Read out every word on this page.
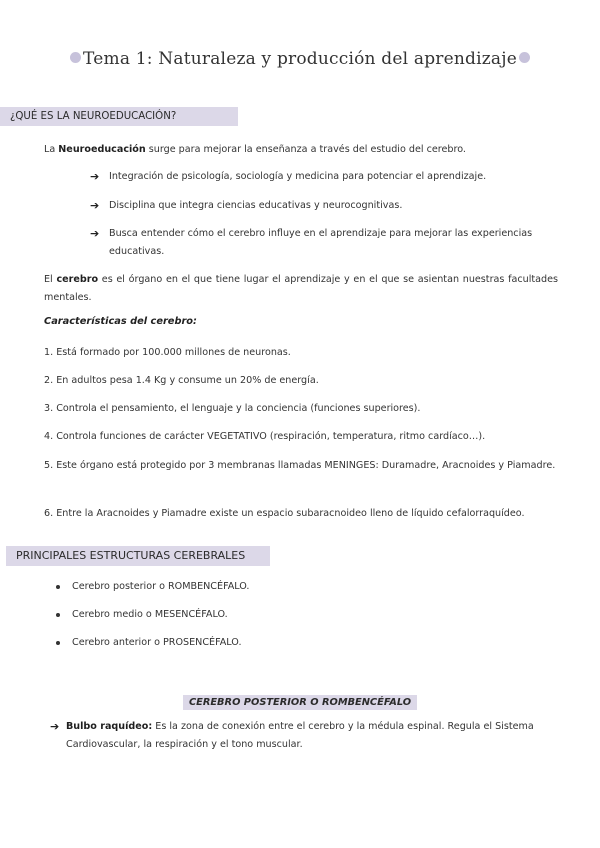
Tema 1: Naturaleza y producción del aprendizaje
¿QUÉ ES LA NEUROEDUCACIÓN?

La Neuroeducación surge para mejorar la enseñanza a través del estudio del cerebro.

➔ Integración de psicología, sociología y medicina para potenciar el aprendizaje.
➔ Disciplina que integra ciencias educativas y neurocognitivas.
➔ Busca entender cómo el cerebro influye en el aprendizaje para mejorar las experiencias educativas.

El cerebro es el órgano en el que tiene lugar el aprendizaje y en el que se asientan nuestras facultades mentales.

Características del cerebro:

1. Está formado por 100.000 millones de neuronas.

2. En adultos pesa 1.4 Kg y consume un 20% de energía.

3. Controla el pensamiento, el lenguaje y la conciencia (funciones superiores).

4. Controla funciones de carácter VEGETATIVO (respiración, temperatura, ritmo cardíaco…).

5. Este órgano está protegido por 3 membranas llamadas MENINGES: Duramadre, Aracnoides y Piamadre.

6. Entre la Aracnoides y Piamadre existe un espacio subaracnoideo lleno de líquido cefalorraquídeo.

PRINCIPALES ESTRUCTURAS CEREBRALES
Cerebro posterior o ROMBENCÉFALO.
Cerebro medio o MESENCÉFALO.
Cerebro anterior o PROSENCÉFALO.
CEREBRO POSTERIOR O ROMBENCÉFALO
➔ Bulbo raquídeo: Es la zona de conexión entre el cerebro y la médula espinal. Regula el Sistema Cardiovascular, la respiración y el tono muscular.
